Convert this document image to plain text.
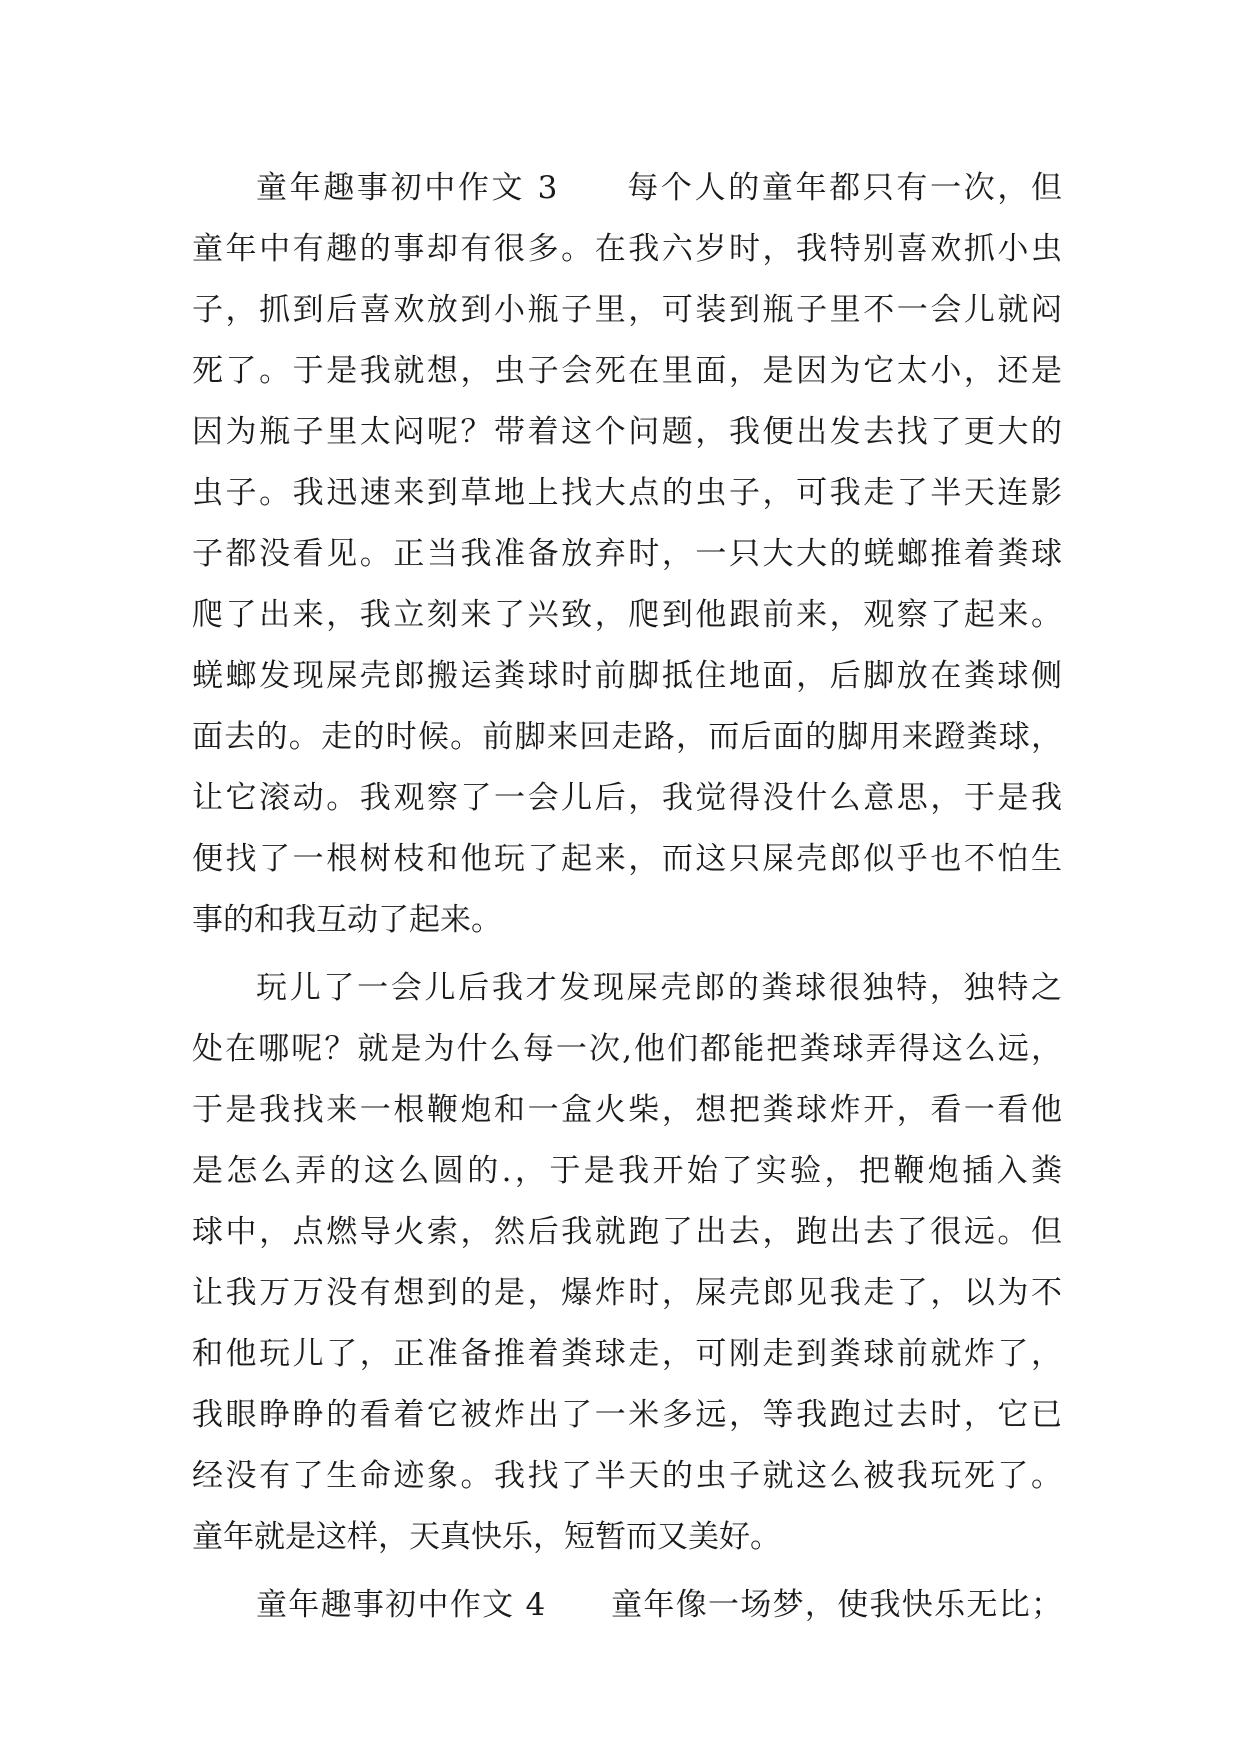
童年趣事初中作文 3　　每个人的童年都只有一次，但
童年中有趣的事却有很多。在我六岁时，我特别喜欢抓小虫
子，抓到后喜欢放到小瓶子里，可装到瓶子里不一会儿就闷
死了。于是我就想，虫子会死在里面，是因为它太小，还是
因为瓶子里太闷呢？带着这个问题，我便出发去找了更大的
虫子。我迅速来到草地上找大点的虫子，可我走了半天连影
子都没看见。正当我准备放弃时，一只大大的蜣螂推着粪球
爬了出来，我立刻来了兴致，爬到他跟前来，观察了起来。
蜣螂发现屎壳郎搬运粪球时前脚抵住地面，后脚放在粪球侧
面去的。走的时候。前脚来回走路，而后面的脚用来蹬粪球，
让它滚动。我观察了一会儿后，我觉得没什么意思，于是我
便找了一根树枝和他玩了起来，而这只屎壳郎似乎也不怕生
事的和我互动了起来。
玩儿了一会儿后我才发现屎壳郎的粪球很独特，独特之
处在哪呢？就是为什么每一次,他们都能把粪球弄得这么远，
于是我找来一根鞭炮和一盒火柴，想把粪球炸开，看一看他
是怎么弄的这么圆的.，于是我开始了实验，把鞭炮插入粪
球中，点燃导火索，然后我就跑了出去，跑出去了很远。但
让我万万没有想到的是，爆炸时，屎壳郎见我走了，以为不
和他玩儿了，正准备推着粪球走，可刚走到粪球前就炸了，
我眼睁睁的看着它被炸出了一米多远，等我跑过去时，它已
经没有了生命迹象。我找了半天的虫子就这么被我玩死了。
童年就是这样，天真快乐，短暂而又美好。
童年趣事初中作文 4　　童年像一场梦，使我快乐无比；
